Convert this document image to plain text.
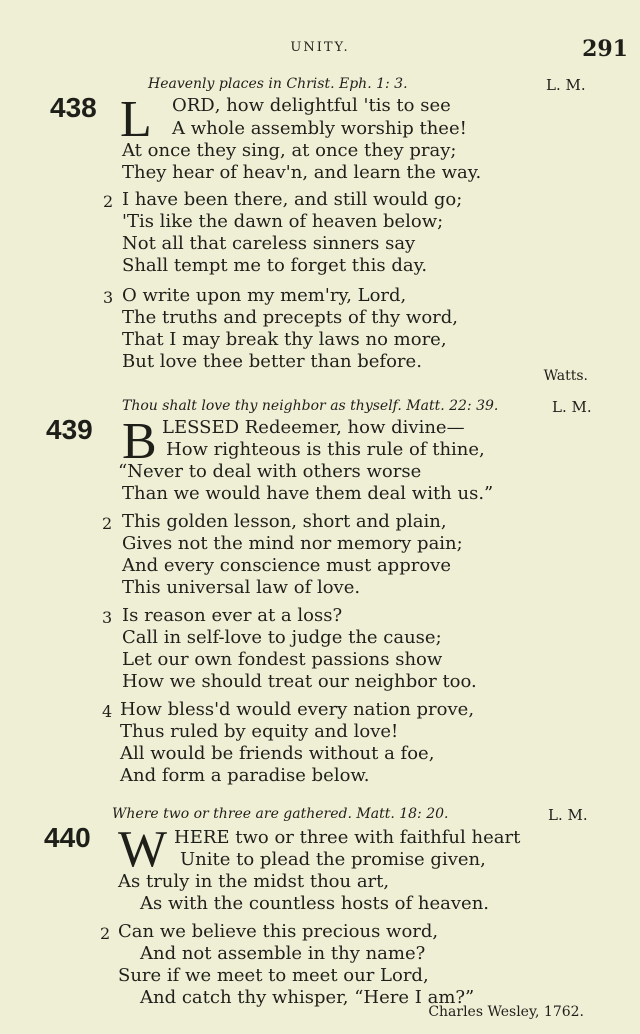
UNITY.	291
Heavenly places in Christ. Eph. 1: 3.	L. M.
438 L ORD, how delightful 'tis to see
A whole assembly worship thee!
At once they sing, at once they pray;
They hear of heav'n, and learn the way.
2 I have been there, and still would go;
'Tis like the dawn of heaven below;
Not all that careless sinners say
Shall tempt me to forget this day.
3 O write upon my mem'ry, Lord,
The truths and precepts of thy word,
That I may break thy laws no more,
But love thee better than before.
Watts.
Thou shalt love thy neighbor as thyself. Matt. 22: 39.	L. M.
439 B LESSED Redeemer, how divine—
How righteous is this rule of thine,
“Never to deal with others worse
Than we would have them deal with us.”
2 This golden lesson, short and plain,
Gives not the mind nor memory pain;
And every conscience must approve
This universal law of love.
3 Is reason ever at a loss?
Call in self-love to judge the cause;
Let our own fondest passions show
How we should treat our neighbor too.
4 How bless'd would every nation prove,
Thus ruled by equity and love!
All would be friends without a foe,
And form a paradise below.
Where two or three are gathered. Matt. 18: 20.	L. M.
440 W HERE two or three with faithful heart
Unite to plead the promise given,
As truly in the midst thou art,
As with the countless hosts of heaven.
2 Can we believe this precious word,
And not assemble in thy name?
Sure if we meet to meet our Lord,
And catch thy whisper, “Here I am?”
Charles Wesley, 1762.
